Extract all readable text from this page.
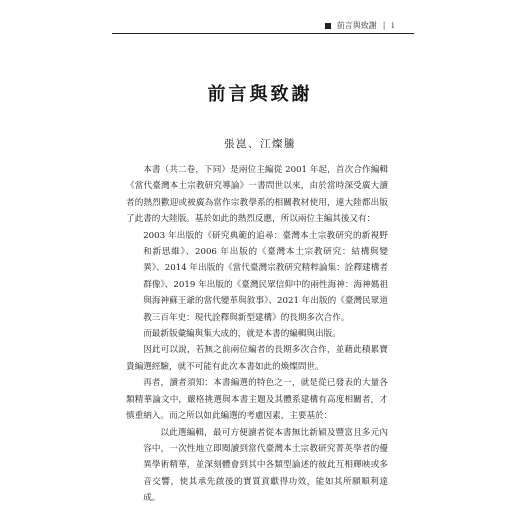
前言與致謝 | i
前言與致謝
張崑、江燦騰

本書（共二卷，下同）是兩位主編從 2001 年起，首次合作編輯《當代臺灣本土宗教研究導論》一書問世以來，由於當時深受廣大讀者的熱烈歡迎或被廣為當作宗教學系的相關教材使用，連大陸都出版了此書的大陸版。基於如此的熱烈反應，所以兩位主編其後又有：

2003 年出版的《研究典範的追尋：臺灣本土宗教研究的新視野和新思維》、2006 年出版的《臺灣本土宗教研究：結構與變異》、2014 年出版的《當代臺灣宗教研究精粹論集：詮釋建構者群像》、2019 年出版的《臺灣民眾信仰中的兩性海神：海神媽祖與海神蘇王爺的當代變革與敘事》、2021 年出版的《臺灣民眾道教三百年史：現代詮釋與新型建構》的長期多次合作。

而最新版彙編與集大成的，就是本書的編輯與出版。

因此可以說，若無之前兩位編者的長期多次合作，並藉此積累寶貴編選經驗，就不可能有此次本書如此的煥燦問世。

再者，讀者須知：本書編選的特色之一，就是從已發表的大量各類精華論文中，嚴格挑選與本書主題及其體系建構有高度相關者，才慎重納入。而之所以如此編選的考慮因素，主要基於：

以此選編輯，最可方便讀者從本書無比新穎及豐富且多元內容中，一次性地立即閱讀到當代臺灣本土宗教研究菁英學者的優異學術精華，並深刻體會到其中各類型論述的彼此互相輝映或多音交響，使其承先啟後的實質貢獻得功效，能如其所願順利達成。
